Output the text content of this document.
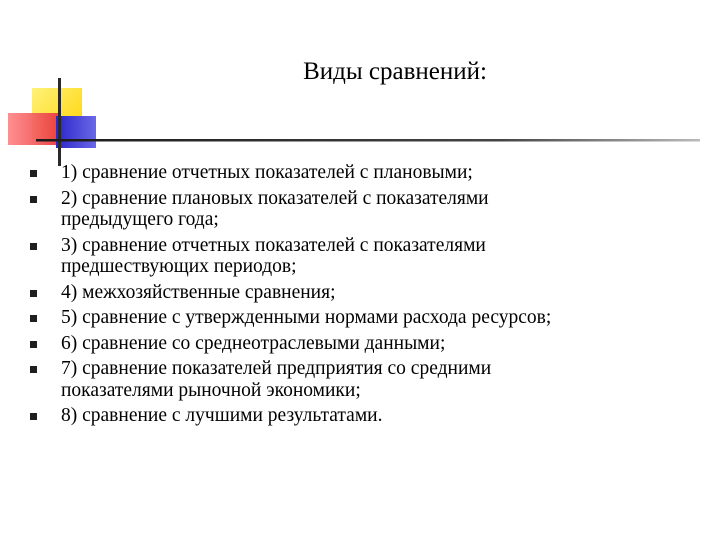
Виды сравнений:
1) сравнение отчетных показателей с плановыми;
2) сравнение плановых показателей с показателями
предыдущего года;
3) сравнение отчетных показателей с показателями
предшествующих периодов;
4) межхозяйственные сравнения;
5) сравнение с утвержденными нормами расхода ресурсов;
6) сравнение со среднеотраслевыми данными;
7) сравнение показателей предприятия со средними
показателями рыночной экономики;
8) сравнение с лучшими результатами.
